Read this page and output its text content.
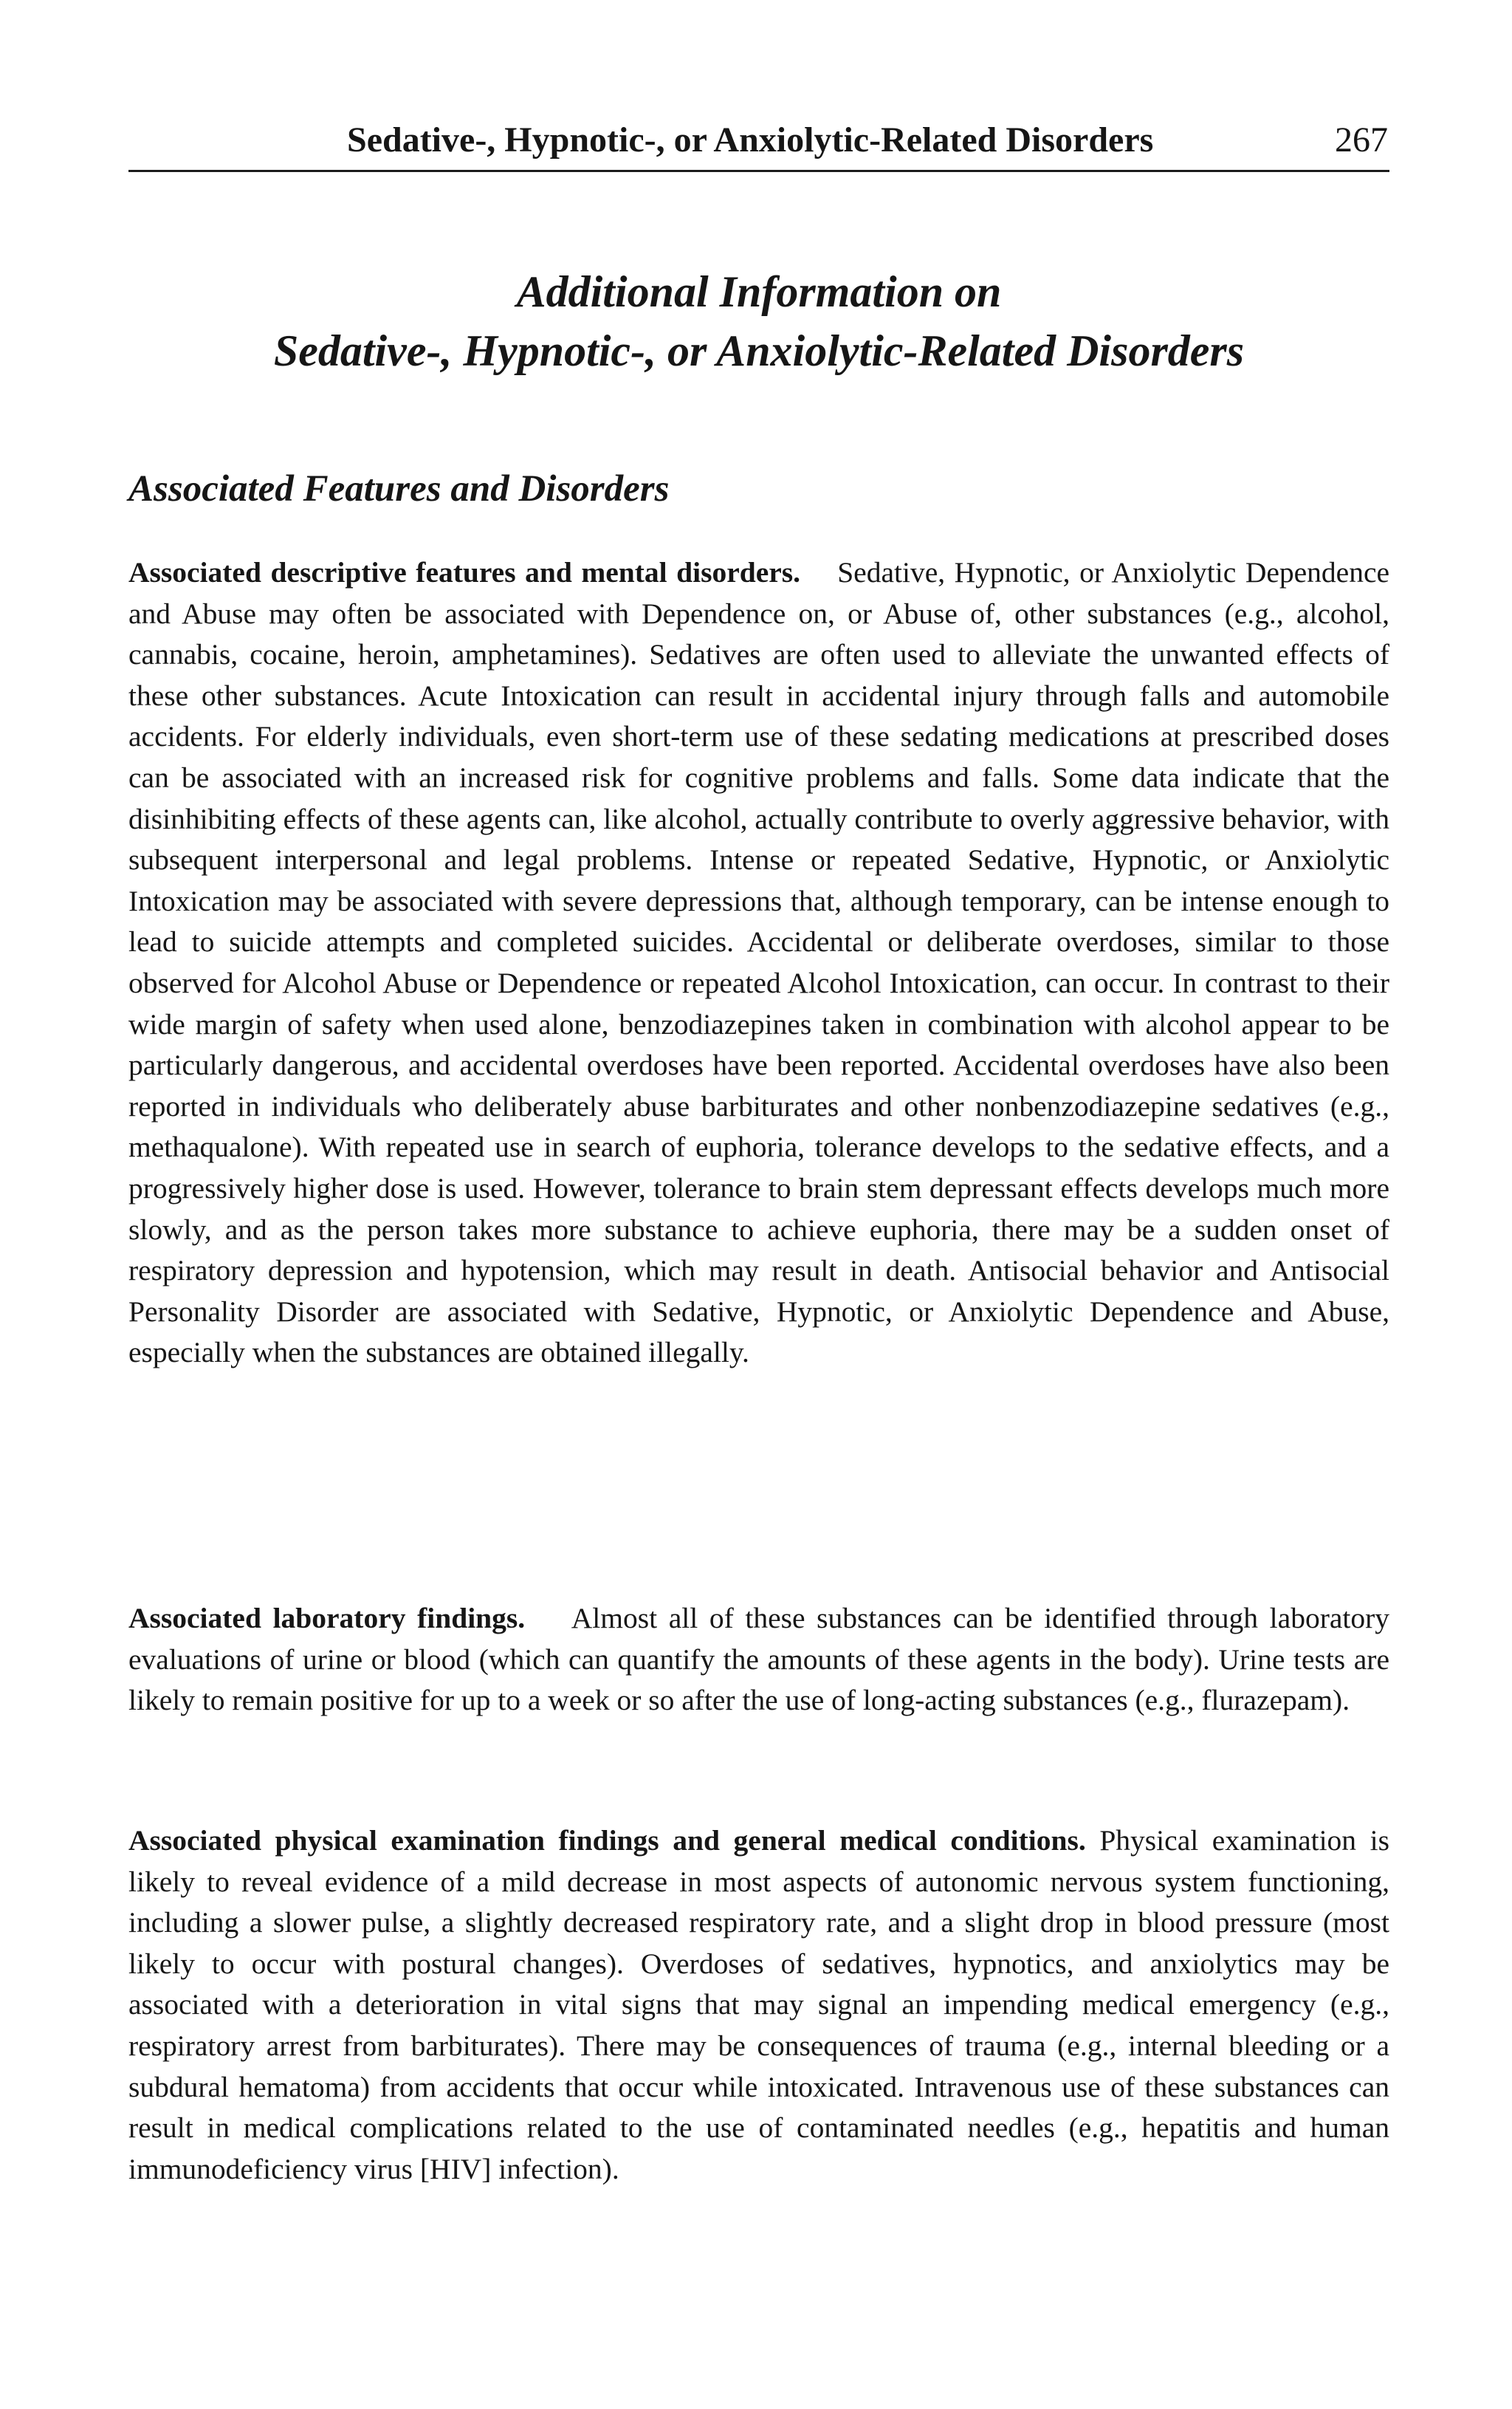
Sedative-, Hypnotic-, or Anxiolytic-Related Disorders	267
Additional Information on
Sedative-, Hypnotic-, or Anxiolytic-Related Disorders
Associated Features and Disorders

Associated descriptive features and mental disorders. Sedative, Hypnotic, or Anxiolytic Dependence and Abuse may often be associated with Dependence on, or Abuse of, other substances (e.g., alcohol, cannabis, cocaine, heroin, amphetamines). Sedatives are often used to alleviate the unwanted effects of these other substances. Acute Intoxication can result in accidental injury through falls and automobile accidents. For elderly individuals, even short-term use of these sedating medications at prescribed doses can be associated with an increased risk for cognitive problems and falls. Some data indicate that the disinhibiting effects of these agents can, like alcohol, actually contribute to overly aggressive behavior, with subsequent interpersonal and legal problems. Intense or repeated Sedative, Hypnotic, or Anxiolytic Intoxication may be associated with severe depressions that, although temporary, can be intense enough to lead to suicide attempts and completed suicides. Accidental or deliberate overdoses, similar to those observed for Alcohol Abuse or Dependence or repeated Alcohol Intoxication, can occur. In contrast to their wide margin of safety when used alone, benzodiazepines taken in combination with alcohol appear to be particularly dangerous, and accidental overdoses have been reported. Accidental overdoses have also been reported in individuals who deliberately abuse barbiturates and other nonbenzodiazepine sedatives (e.g., methaqualone). With repeated use in search of euphoria, tolerance develops to the sedative effects, and a progressively higher dose is used. However, tolerance to brain stem depressant effects develops much more slowly, and as the person takes more substance to achieve euphoria, there may be a sudden onset of respiratory depression and hypotension, which may result in death. Antisocial behavior and Antisocial Personality Disorder are associated with Sedative, Hypnotic, or Anxiolytic Dependence and Abuse, especially when the substances are obtained illegally.

Associated laboratory findings. Almost all of these substances can be identified through laboratory evaluations of urine or blood (which can quantify the amounts of these agents in the body). Urine tests are likely to remain positive for up to a week or so after the use of long-acting substances (e.g., flurazepam).

Associated physical examination findings and general medical conditions. Physical examination is likely to reveal evidence of a mild decrease in most aspects of autonomic nervous system functioning, including a slower pulse, a slightly decreased respiratory rate, and a slight drop in blood pressure (most likely to occur with postural changes). Overdoses of sedatives, hypnotics, and anxiolytics may be associated with a deterioration in vital signs that may signal an impending medical emergency (e.g., respiratory arrest from barbiturates). There may be consequences of trauma (e.g., internal bleeding or a subdural hematoma) from accidents that occur while intoxicated. Intravenous use of these substances can result in medical complications related to the use of contaminated needles (e.g., hepatitis and human immunodeficiency virus [HIV] infection).
